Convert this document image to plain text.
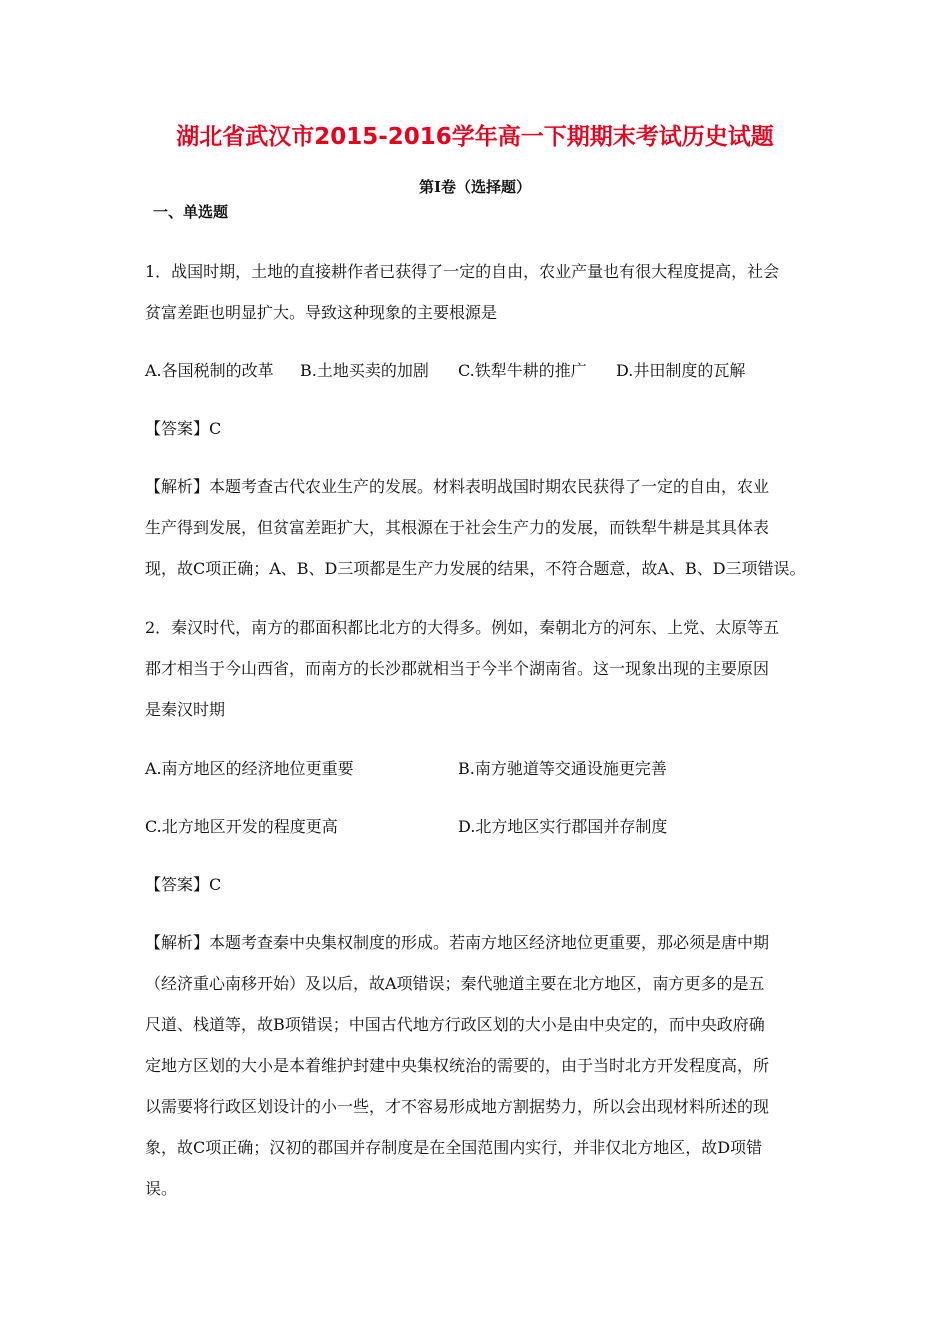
湖北省武汉市2015-2016学年高一下期期末考试历史试题
第Ⅰ卷（选择题）
一、单选题
1．战国时期，土地的直接耕作者已获得了一定的自由，农业产量也有很大程度提高，社会
贫富差距也明显扩大。导致这种现象的主要根源是
A.各国税制的改革 B.土地买卖的加剧 C.铁犁牛耕的推广 D.井田制度的瓦解
【答案】C
【解析】本题考查古代农业生产的发展。材料表明战国时期农民获得了一定的自由，农业
生产得到发展，但贫富差距扩大，其根源在于社会生产力的发展，而铁犁牛耕是其具体表
现，故C项正确；A、B、D三项都是生产力发展的结果，不符合题意，故A、B、D三项错误。
2．秦汉时代，南方的郡面积都比北方的大得多。例如，秦朝北方的河东、上党、太原等五
郡才相当于今山西省，而南方的长沙郡就相当于今半个湖南省。这一现象出现的主要原因
是秦汉时期
A.南方地区的经济地位更重要	B.南方驰道等交通设施更完善
C.北方地区开发的程度更高	D.北方地区实行郡国并存制度
【答案】C
【解析】本题考查秦中央集权制度的形成。若南方地区经济地位更重要，那必须是唐中期
（经济重心南移开始）及以后，故A项错误；秦代驰道主要在北方地区，南方更多的是五
尺道、栈道等，故B项错误；中国古代地方行政区划的大小是由中央定的，而中央政府确
定地方区划的大小是本着维护封建中央集权统治的需要的，由于当时北方开发程度高，所
以需要将行政区划设计的小一些，才不容易形成地方割据势力，所以会出现材料所述的现
象，故C项正确；汉初的郡国并存制度是在全国范围内实行，并非仅北方地区，故D项错
误。
